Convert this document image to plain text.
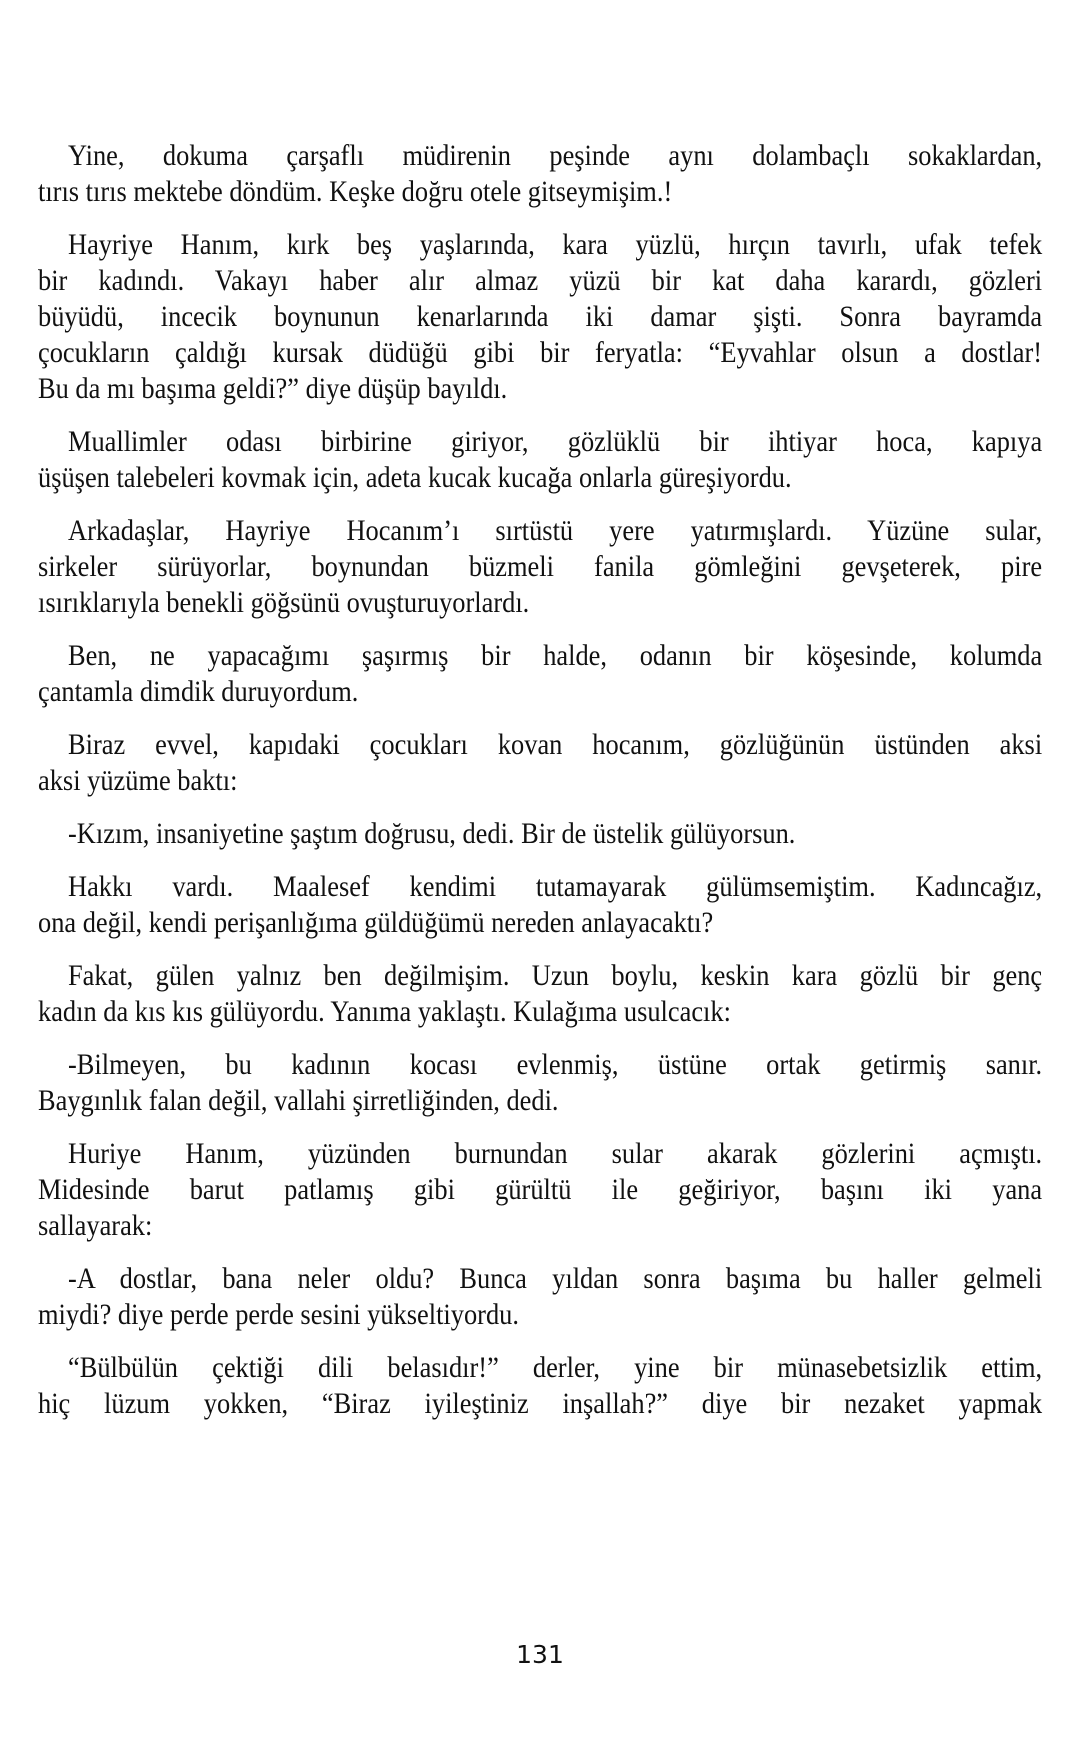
Yine, dokuma çarşaflı müdirenin peşinde aynı dolambaçlı sokaklardan,
tırıs tırıs mektebe döndüm. Keşke doğru otele gitseymişim.!
Hayriye Hanım, kırk beş yaşlarında, kara yüzlü, hırçın tavırlı, ufak tefek
bir kadındı. Vakayı haber alır almaz yüzü bir kat daha karardı, gözleri
büyüdü, incecik boynunun kenarlarında iki damar şişti. Sonra bayramda
çocukların çaldığı kursak düdüğü gibi bir feryatla: “Eyvahlar olsun a dostlar!
Bu da mı başıma geldi?” diye düşüp bayıldı.
Muallimler odası birbirine giriyor, gözlüklü bir ihtiyar hoca, kapıya
üşüşen talebeleri kovmak için, adeta kucak kucağa onlarla güreşiyordu.
Arkadaşlar, Hayriye Hocanım’ı sırtüstü yere yatırmışlardı. Yüzüne sular,
sirkeler sürüyorlar, boynundan büzmeli fanila gömleğini gevşeterek, pire
ısırıklarıyla benekli göğsünü ovuşturuyorlardı.
Ben, ne yapacağımı şaşırmış bir halde, odanın bir köşesinde, kolumda
çantamla dimdik duruyordum.
Biraz evvel, kapıdaki çocukları kovan hocanım, gözlüğünün üstünden aksi
aksi yüzüme baktı:
-Kızım, insaniyetine şaştım doğrusu, dedi. Bir de üstelik gülüyorsun.
Hakkı vardı. Maalesef kendimi tutamayarak gülümsemiştim. Kadıncağız,
ona değil, kendi perişanlığıma güldüğümü nereden anlayacaktı?
Fakat, gülen yalnız ben değilmişim. Uzun boylu, keskin kara gözlü bir genç
kadın da kıs kıs gülüyordu. Yanıma yaklaştı. Kulağıma usulcacık:
-Bilmeyen, bu kadının kocası evlenmiş, üstüne ortak getirmiş sanır.
Baygınlık falan değil, vallahi şirretliğinden, dedi.
Huriye Hanım, yüzünden burnundan sular akarak gözlerini açmıştı.
Midesinde barut patlamış gibi gürültü ile geğiriyor, başını iki yana
sallayarak:
-A dostlar, bana neler oldu? Bunca yıldan sonra başıma bu haller gelmeli
miydi? diye perde perde sesini yükseltiyordu.
“Bülbülün çektiği dili belasıdır!” derler, yine bir münasebetsizlik ettim,
hiç lüzum yokken, “Biraz iyileştiniz inşallah?” diye bir nezaket yapmak
131
